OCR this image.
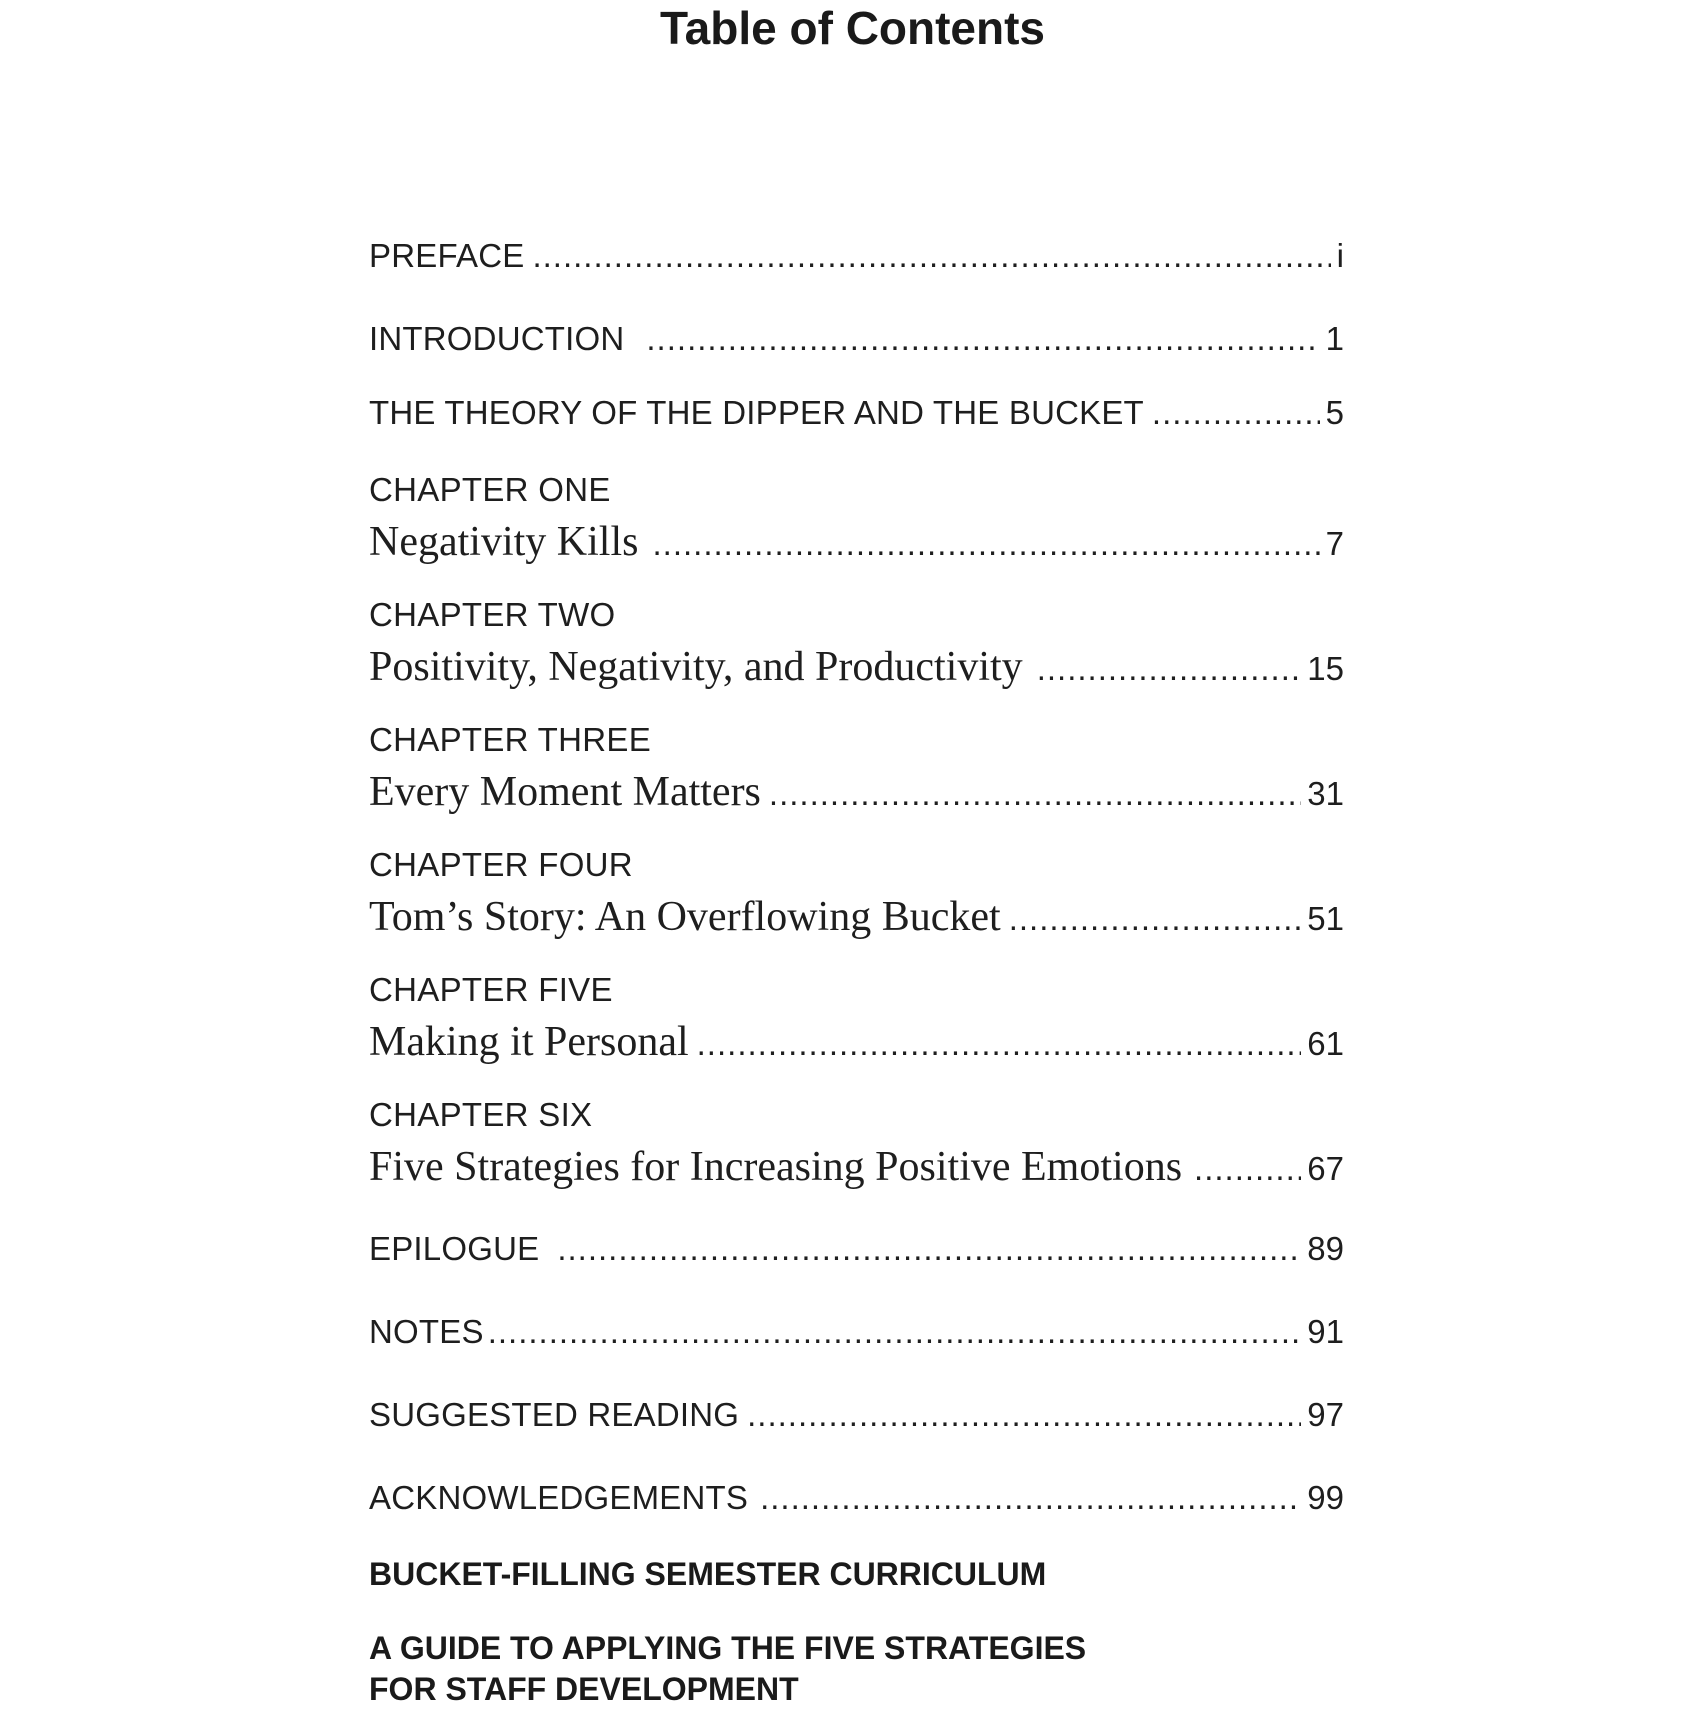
Table of Contents
PREFACE .....	i
INTRODUCTION .....	1
THE THEORY OF THE DIPPER AND THE BUCKET .....	5
CHAPTER ONE
Negativity Kills .....	7
CHAPTER TWO
Positivity, Negativity, and Productivity .....	15
CHAPTER THREE
Every Moment Matters .....	31
CHAPTER FOUR
Tom’s Story: An Overflowing Bucket .....	51
CHAPTER FIVE
Making it Personal .....	61
CHAPTER SIX
Five Strategies for Increasing Positive Emotions .....	67
EPILOGUE .....	89
NOTES .....	91
SUGGESTED READING .....	97
ACKNOWLEDGEMENTS .....	99
BUCKET-FILLING SEMESTER CURRICULUM
A GUIDE TO APPLYING THE FIVE STRATEGIES
FOR STAFF DEVELOPMENT
